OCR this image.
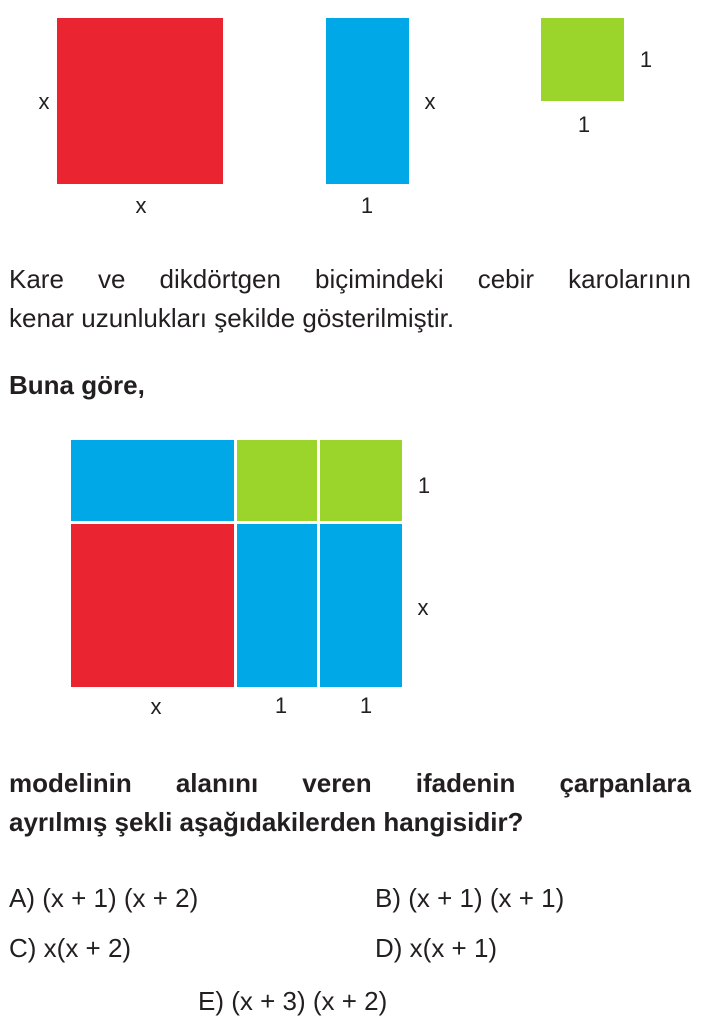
x
x
x
1
1
1
Kare ve dikdörtgen biçimindeki cebir karolarının
kenar uzunlukları şekilde gösterilmiştir.
Buna göre,
1
x
x	1	1
modelinin alanını veren ifadenin çarpanlara
ayrılmış şekli aşağıdakilerden hangisidir?
A) (x + 1) (x + 2)	B) (x + 1) (x + 1)
C) x(x + 2)	D) x(x + 1)
E) (x + 3) (x + 2)
